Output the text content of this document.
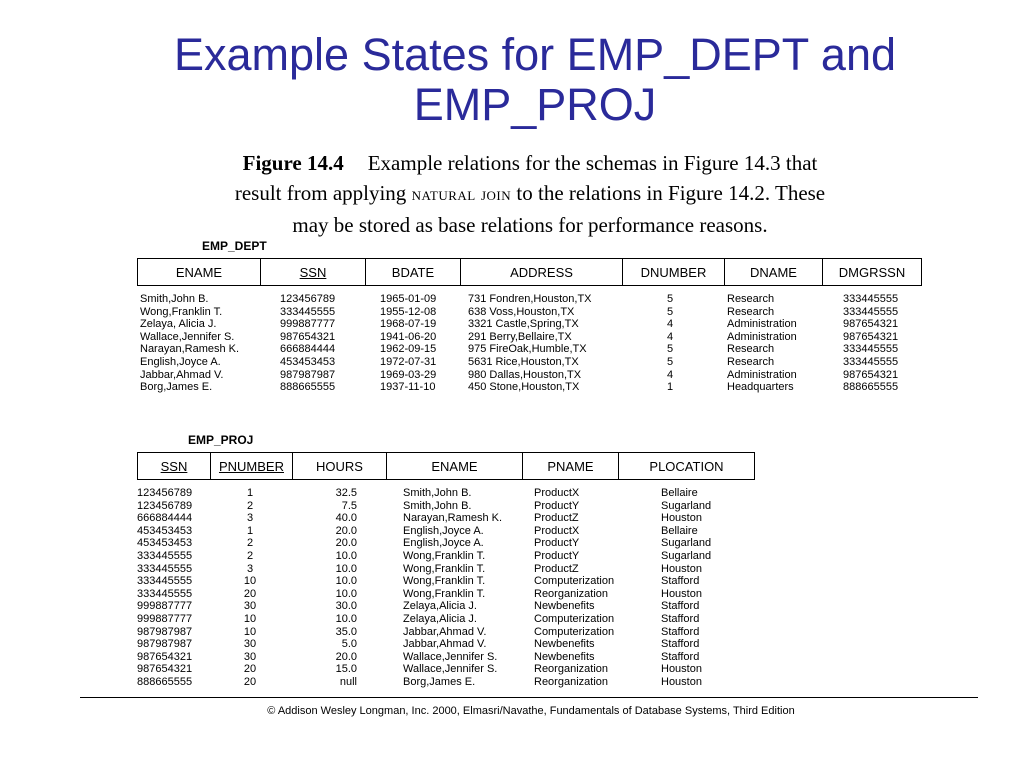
Example States for EMP_DEPT and
EMP_PROJ
Figure 14.4 Example relations for the schemas in Figure 14.3 that
result from applying natural join to the relations in Figure 14.2. These
may be stored as base relations for performance reasons.
EMP_DEPT
ENAME	SSN	BDATE	ADDRESS	DNUMBER	DNAME	DMGRSSN
Smith,John B.	123456789	1965-01-09	731 Fondren,Houston,TX	5	Research	333445555
Wong,Franklin T.	333445555	1955-12-08	638 Voss,Houston,TX	5	Research	333445555
Zelaya, Alicia J.	999887777	1968-07-19	3321 Castle,Spring,TX	4	Administration	987654321
Wallace,Jennifer S.	987654321	1941-06-20	291 Berry,Bellaire,TX	4	Administration	987654321
Narayan,Ramesh K.	666884444	1962-09-15	975 FireOak,Humble,TX	5	Research	333445555
English,Joyce A.	453453453	1972-07-31	5631 Rice,Houston,TX	5	Research	333445555
Jabbar,Ahmad V.	987987987	1969-03-29	980 Dallas,Houston,TX	4	Administration	987654321
Borg,James E.	888665555	1937-11-10	450 Stone,Houston,TX	1	Headquarters	888665555
EMP_PROJ
SSN	PNUMBER	HOURS	ENAME	PNAME	PLOCATION
123456789	1	32.5	Smith,John B.	ProductX	Bellaire
123456789	2	7.5	Smith,John B.	ProductY	Sugarland
666884444	3	40.0	Narayan,Ramesh K.	ProductZ	Houston
453453453	1	20.0	English,Joyce A.	ProductX	Bellaire
453453453	2	20.0	English,Joyce A.	ProductY	Sugarland
333445555	2	10.0	Wong,Franklin T.	ProductY	Sugarland
333445555	3	10.0	Wong,Franklin T.	ProductZ	Houston
333445555	10	10.0	Wong,Franklin T.	Computerization	Stafford
333445555	20	10.0	Wong,Franklin T.	Reorganization	Houston
999887777	30	30.0	Zelaya,Alicia J.	Newbenefits	Stafford
999887777	10	10.0	Zelaya,Alicia J.	Computerization	Stafford
987987987	10	35.0	Jabbar,Ahmad V.	Computerization	Stafford
987987987	30	5.0	Jabbar,Ahmad V.	Newbenefits	Stafford
987654321	30	20.0	Wallace,Jennifer S.	Newbenefits	Stafford
987654321	20	15.0	Wallace,Jennifer S.	Reorganization	Houston
888665555	20	null	Borg,James E.	Reorganization	Houston
© Addison Wesley Longman, Inc. 2000, Elmasri/Navathe, Fundamentals of Database Systems, Third Edition
